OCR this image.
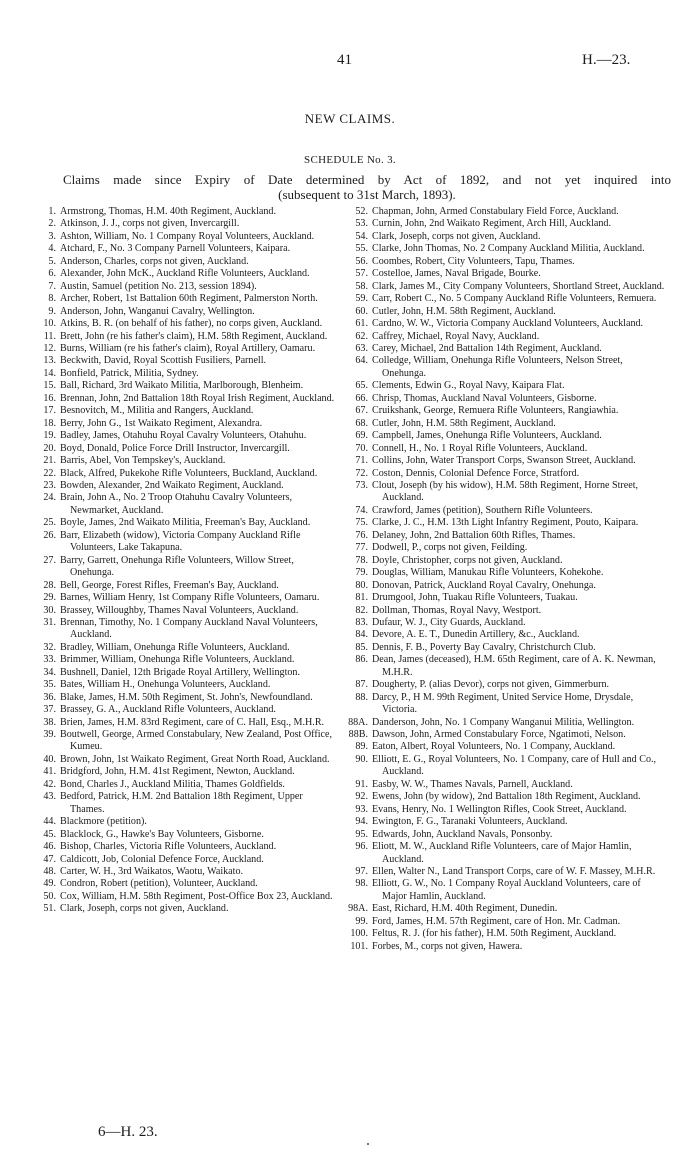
41	H.—23.
NEW CLAIMS.
SCHEDULE No. 3.
Claims made since Expiry of Date determined by Act of 1892, and not yet inquired into
(subsequent to 31st March, 1893).
1. Armstrong, Thomas, H.M. 40th Regiment, Auckland.
2. Atkinson, J. J., corps not given, Invercargill.
3. Ashton, William, No. 1 Company Royal Volunteers, Auckland.
4. Atchard, F., No. 3 Company Parnell Volunteers, Kaipara.
5. Anderson, Charles, corps not given, Auckland.
6. Alexander, John McK., Auckland Rifle Volunteers, Auckland.
7. Austin, Samuel (petition No. 213, session 1894).
8. Archer, Robert, 1st Battalion 60th Regiment, Palmerston North.
9. Anderson, John, Wanganui Cavalry, Wellington.
10. Atkins, B. R. (on behalf of his father), no corps given, Auckland.
11. Brett, John (re his father's claim), H.M. 58th Regiment, Auckland.
12. Burns, William (re his father's claim), Royal Artillery, Oamaru.
13. Beckwith, David, Royal Scottish Fusiliers, Parnell.
14. Bonfield, Patrick, Militia, Sydney.
15. Ball, Richard, 3rd Waikato Militia, Marlborough, Blenheim.
16. Brennan, John, 2nd Battalion 18th Royal Irish Regiment, Auckland.
17. Besnovitch, M., Militia and Rangers, Auckland.
18. Berry, John G., 1st Waikato Regiment, Alexandra.
19. Badley, James, Otahuhu Royal Cavalry Volunteers, Otahuhu.
20. Boyd, Donald, Police Force Drill Instructor, Invercargill.
21. Barris, Abel, Von Tempskey's, Auckland.
22. Black, Alfred, Pukekohe Rifle Volunteers, Buckland, Auckland.
23. Bowden, Alexander, 2nd Waikato Regiment, Auckland.
24. Brain, John A., No. 2 Troop Otahuhu Cavalry Volunteers, Newmarket, Auckland.
25. Boyle, James, 2nd Waikato Militia, Freeman's Bay, Auckland.
26. Barr, Elizabeth (widow), Victoria Company Auckland Rifle Volunteers, Lake Takapuna.
27. Barry, Garrett, Onehunga Rifle Volunteers, Willow Street, Onehunga.
28. Bell, George, Forest Rifles, Freeman's Bay, Auckland.
29. Barnes, William Henry, 1st Company Rifle Volunteers, Oamaru.
30. Brassey, Willoughby, Thames Naval Volunteers, Auckland.
31. Brennan, Timothy, No. 1 Company Auckland Naval Volunteers, Auckland.
32. Bradley, William, Onehunga Rifle Volunteers, Auckland.
33. Brimmer, William, Onehunga Rifle Volunteers, Auckland.
34. Bushnell, Daniel, 12th Brigade Royal Artillery, Wellington.
35. Bates, William H., Onehunga Volunteers, Auckland.
36. Blake, James, H.M. 50th Regiment, St. John's, Newfoundland.
37. Brassey, G. A., Auckland Rifle Volunteers, Auckland.
38. Brien, James, H.M. 83rd Regiment, care of C. Hall, Esq., M.H.R.
39. Boutwell, George, Armed Constabulary, New Zealand, Post Office, Kumeu.
40. Brown, John, 1st Waikato Regiment, Great North Road, Auckland.
41. Bridgford, John, H.M. 41st Regiment, Newton, Auckland.
42. Bond, Charles J., Auckland Militia, Thames Goldfields.
43. Bedford, Patrick, H.M. 2nd Battalion 18th Regiment, Upper Thames.
44. Blackmore (petition).
45. Blacklock, G., Hawke's Bay Volunteers, Gisborne.
46. Bishop, Charles, Victoria Rifle Volunteers, Auckland.
47. Caldicott, Job, Colonial Defence Force, Auckland.
48. Carter, W. H., 3rd Waikatos, Waotu, Waikato.
49. Condron, Robert (petition), Volunteer, Auckland.
50. Cox, William, H.M. 58th Regiment, Post-Office Box 23, Auckland.
51. Clark, Joseph, corps not given, Auckland.
52. Chapman, John, Armed Constabulary Field Force, Auckland.
53. Curnin, John, 2nd Waikato Regiment, Arch Hill, Auckland.
54. Clark, Joseph, corps not given, Auckland.
55. Clarke, John Thomas, No. 2 Company Auckland Militia, Auckland.
56. Coombes, Robert, City Volunteers, Tapu, Thames.
57. Costelloe, James, Naval Brigade, Bourke.
58. Clark, James M., City Company Volunteers, Shortland Street, Auckland.
59. Carr, Robert C., No. 5 Company Auckland Rifle Volunteers, Remuera.
60. Cutler, John, H.M. 58th Regiment, Auckland.
61. Cardno, W. W., Victoria Company Auckland Volunteers, Auckland.
62. Caffrey, Michael, Royal Navy, Auckland.
63. Carey, Michael, 2nd Battalion 14th Regiment, Auckland.
64. Colledge, William, Onehunga Rifle Volunteers, Nelson Street, Onehunga.
65. Clements, Edwin G., Royal Navy, Kaipara Flat.
66. Chrisp, Thomas, Auckland Naval Volunteers, Gisborne.
67. Cruikshank, George, Remuera Rifle Volunteers, Rangiawhia.
68. Cutler, John, H.M. 58th Regiment, Auckland.
69. Campbell, James, Onehunga Rifle Volunteers, Auckland.
70. Connell, H., No. 1 Royal Rifle Volunteers, Auckland.
71. Collins, John, Water Transport Corps, Swanson Street, Auckland.
72. Coston, Dennis, Colonial Defence Force, Stratford.
73. Clout, Joseph (by his widow), H.M. 58th Regiment, Horne Street, Auckland.
74. Crawford, James (petition), Southern Rifle Volunteers.
75. Clarke, J. C., H.M. 13th Light Infantry Regiment, Pouto, Kaipara.
76. Delaney, John, 2nd Battalion 60th Rifles, Thames.
77. Dodwell, P., corps not given, Feilding.
78. Doyle, Christopher, corps not given, Auckland.
79. Douglas, William, Manukau Rifle Volunteers, Kohekohe.
80. Donovan, Patrick, Auckland Royal Cavalry, Onehunga.
81. Drumgool, John, Tuakau Rifle Volunteers, Tuakau.
82. Dollman, Thomas, Royal Navy, Westport.
83. Dufaur, W. J., City Guards, Auckland.
84. Devore, A. E. T., Dunedin Artillery, &c., Auckland.
85. Dennis, F. B., Poverty Bay Cavalry, Christchurch Club.
86. Dean, James (deceased), H.M. 65th Regiment, care of A. K. Newman, M.H.R.
87. Dougherty, P. (alias Devor), corps not given, Gimmerburn.
88. Darcy, P., H M. 99th Regiment, United Service Home, Drysdale, Victoria.
88A. Danderson, John, No. 1 Company Wanganui Militia, Wellington.
88B. Dawson, John, Armed Constabulary Force, Ngatimoti, Nelson.
89. Eaton, Albert, Royal Volunteers, No. 1 Company, Auckland.
90. Elliott, E. G., Royal Volunteers, No. 1 Company, care of Hull and Co., Auckland.
91. Easby, W. W., Thames Navals, Parnell, Auckland.
92. Ewens, John (by widow), 2nd Battalion 18th Regiment, Auckland.
93. Evans, Henry, No. 1 Wellington Rifles, Cook Street, Auckland.
94. Ewington, F. G., Taranaki Volunteers, Auckland.
95. Edwards, John, Auckland Navals, Ponsonby.
96. Eliott, M. W., Auckland Rifle Volunteers, care of Major Hamlin, Auckland.
97. Ellen, Walter N., Land Transport Corps, care of W. F. Massey, M.H.R.
98. Elliott, G. W., No. 1 Company Royal Auckland Volunteers, care of Major Hamlin, Auckland.
98A. East, Richard, H.M. 40th Regiment, Dunedin.
99. Ford, James, H.M. 57th Regiment, care of Hon. Mr. Cadman.
100. Feltus, R. J. (for his father), H.M. 50th Regiment, Auckland.
101. Forbes, M., corps not given, Hawera.
6—H. 23.
